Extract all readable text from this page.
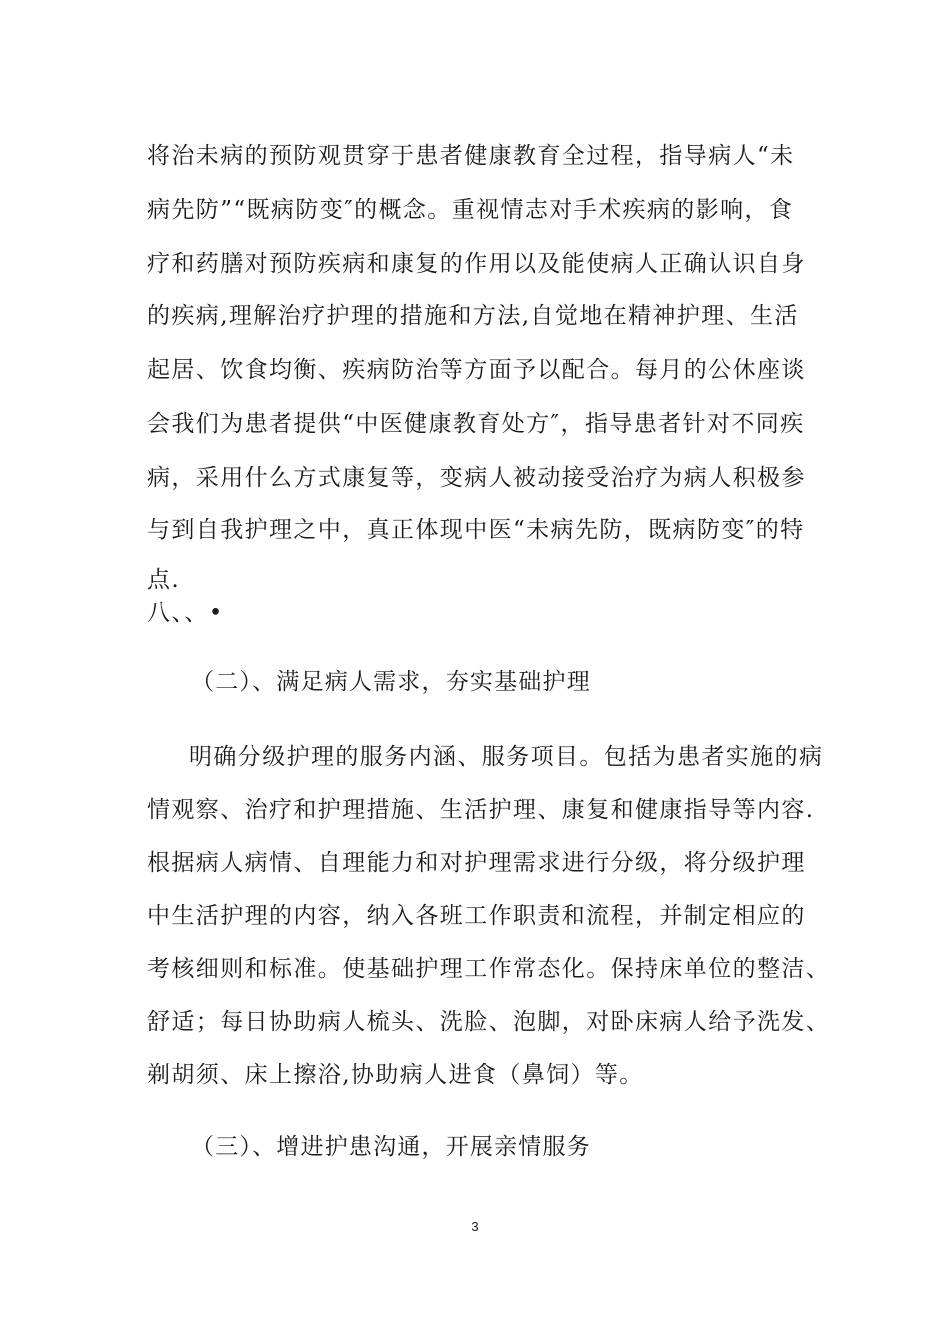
将治未病的预防观贯穿于患者健康教育全过程，指导病人“未
病先防”“既病防变″的概念。重视情志对手术疾病的影响，食
疗和药膳对预防疾病和康复的作用以及能使病人正确认识自身
的疾病,理解治疗护理的措施和方法,自觉地在精神护理、生活
起居、饮食均衡、疾病防治等方面予以配合。每月的公休座谈
会我们为患者提供“中医健康教育处方″，指导患者针对不同疾
病，采用什么方式康复等，变病人被动接受治疗为病人积极参
与到自我护理之中，真正体现中医“未病先防，既病防变″的特
点.
八、、•
（二）、满足病人需求，夯实基础护理
明确分级护理的服务内涵、服务项目。包括为患者实施的病
情观察、治疗和护理措施、生活护理、康复和健康指导等内容.
根据病人病情、自理能力和对护理需求进行分级，将分级护理
中生活护理的内容，纳入各班工作职责和流程，并制定相应的
考核细则和标准。使基础护理工作常态化。保持床单位的整洁、
舒适；每日协助病人梳头、洗脸、泡脚，对卧床病人给予洗发、
剃胡须、床上擦浴,协助病人进食（鼻饲）等。
（三）、增进护患沟通，开展亲情服务
3
